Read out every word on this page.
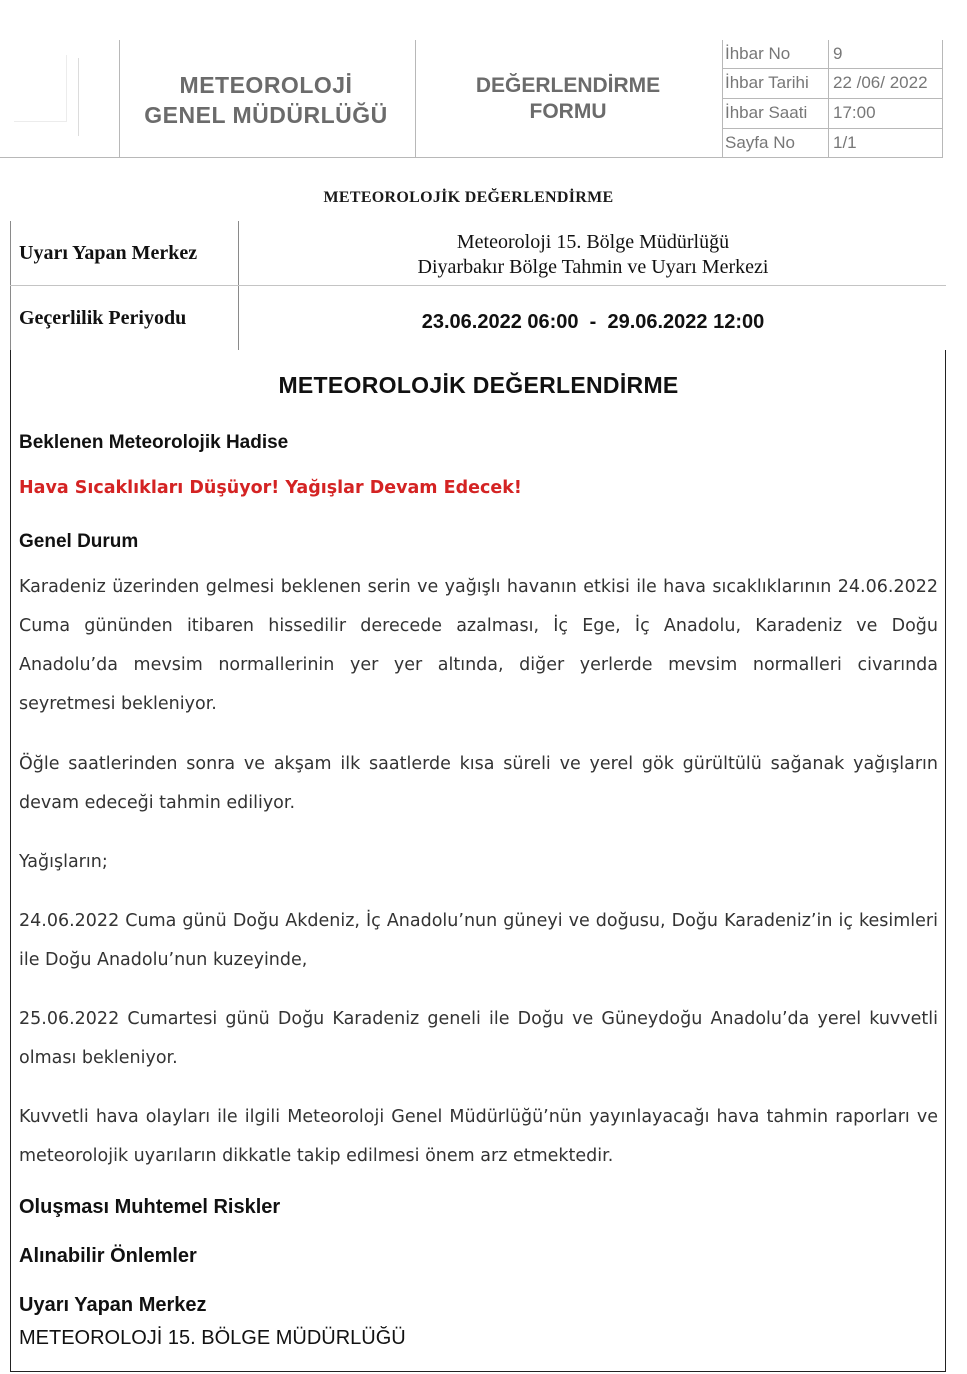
METEOROLOJİ
GENEL MÜDÜRLÜĞÜ
DEĞERLENDİRME
FORMU
İhbar No	9
İhbar Tarihi 22 /06/ 2022
İhbar Saati 17:00
Sayfa No 1/1
METEOROLOJİK DEĞERLENDİRME
Uyarı Yapan Merkez	Meteoroloji 15. Bölge Müdürlüğü
Diyarbakır Bölge Tahmin ve Uyarı Merkezi
Geçerlilik Periyodu	23.06.2022 06:00  -  29.06.2022 12:00
METEOROLOJİK DEĞERLENDİRME
Beklenen Meteorolojik Hadise
Hava Sıcaklıkları Düşüyor! Yağışlar Devam Edecek!
Genel Durum

Karadeniz üzerinden gelmesi beklenen serin ve yağışlı havanın etkisi ile hava sıcaklıklarının 24.06.2022 Cuma gününden itibaren hissedilir derecede azalması, İç Ege, İç Anadolu, Karadeniz ve Doğu Anadolu’da mevsim normallerinin yer yer altında, diğer yerlerde mevsim normalleri civarında seyretmesi bekleniyor.

Öğle saatlerinden sonra ve akşam ilk saatlerde kısa süreli ve yerel gök gürültülü sağanak yağışların devam edeceği tahmin ediliyor.

Yağışların;

24.06.2022 Cuma günü Doğu Akdeniz, İç Anadolu’nun güneyi ve doğusu, Doğu Karadeniz’in iç kesimleri ile Doğu Anadolu’nun kuzeyinde,

25.06.2022 Cumartesi günü Doğu Karadeniz geneli ile Doğu ve Güneydoğu Anadolu’da yerel kuvvetli olması bekleniyor.

Kuvvetli hava olayları ile ilgili Meteoroloji Genel Müdürlüğü’nün yayınlayacağı hava tahmin raporları ve meteorolojik uyarıların dikkatle takip edilmesi önem arz etmektedir.

Oluşması Muhtemel Riskler
Alınabilir Önlemler
Uyarı Yapan Merkez
METEOROLOJİ 15. BÖLGE MÜDÜRLÜĞÜ
